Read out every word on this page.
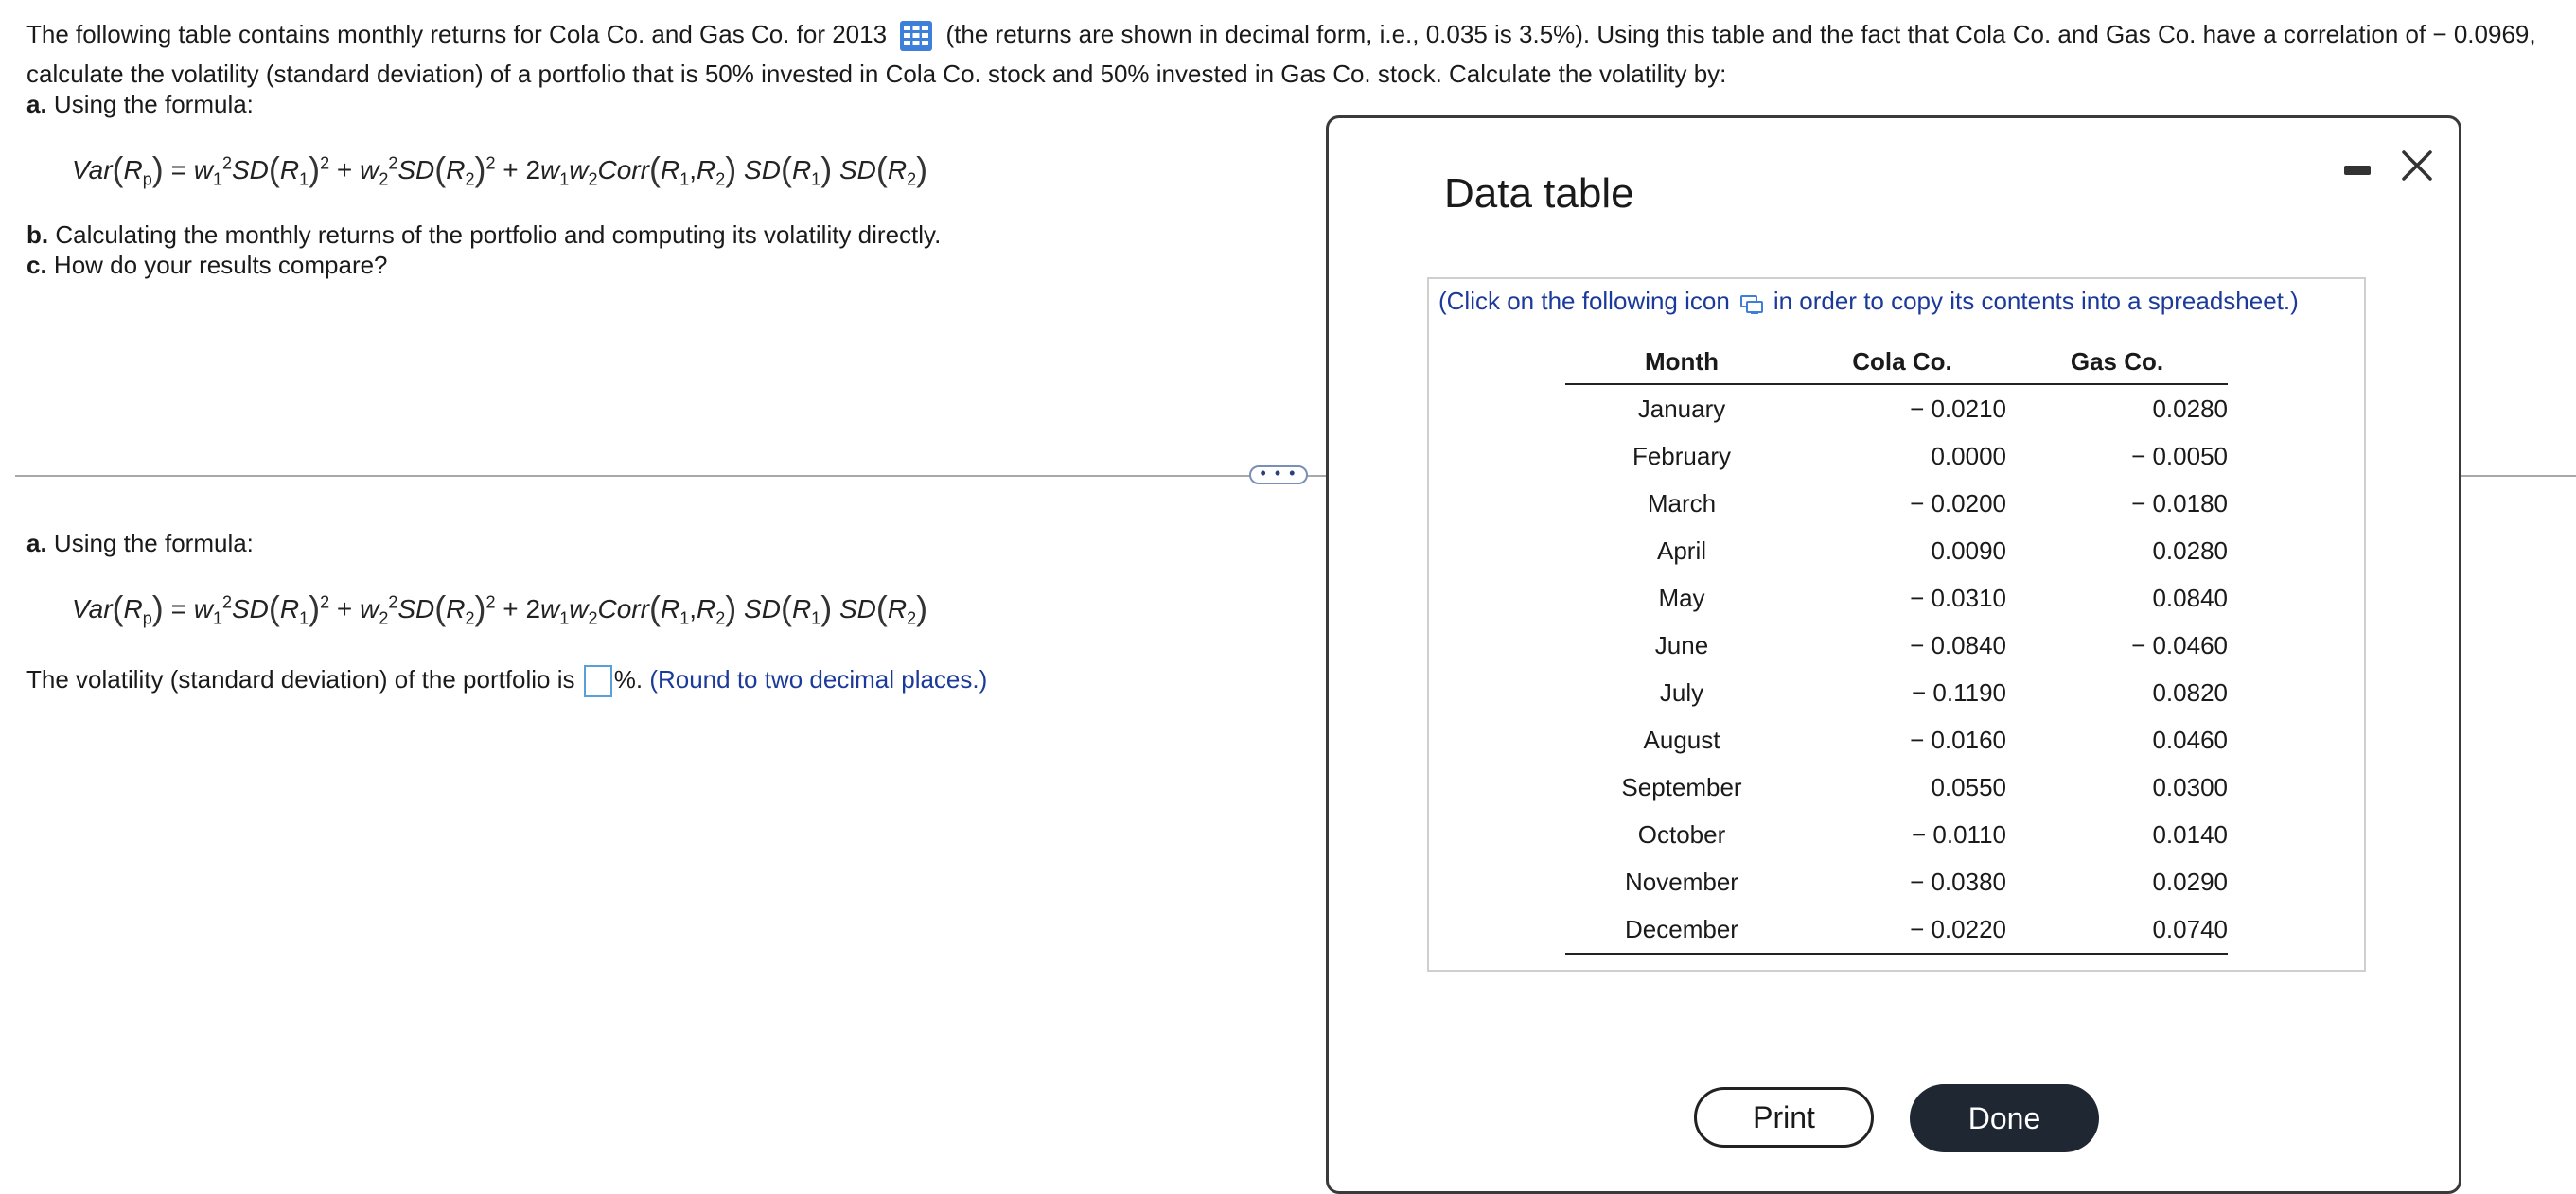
The following table contains monthly returns for Cola Co. and Gas Co. for 2013 (the returns are shown in decimal form, i.e., 0.035 is 3.5%). Using this table and the fact that Cola Co. and Gas Co. have a correlation of − 0.0969,
calculate the volatility (standard deviation) of a portfolio that is 50% invested in Cola Co. stock and 50% invested in Gas Co. stock. Calculate the volatility by:
a. Using the formula:
$Var(R_p) = w_1^2SD(R_1)^2 + w_2^2SD(R_2)^2$ + $2w_1w_2Corr(R_1,R_2)$ $SD(R_1)$ $SD(R_2)$
b. Calculating the monthly returns of the portfolio and computing its volatility directly.
c. How do your results compare?
• • •
a. Using the formula:
$Var(R_p) = w_1^2SD(R_1)^2 + w_2^2SD(R_2)^2$ + $2w_1w_2Corr(R_1,R_2)$ $SD(R_1)$ $SD(R_2)$
The volatility (standard deviation) of the portfolio is %. (Round to two decimal places.)
Data table
(Click on the following icon in order to copy its contents into a spreadsheet.)
Month	Cola Co.	Gas Co.
January	− 0.0210	0.0280
February	0.0000	− 0.0050
March	− 0.0200	− 0.0180
April	0.0090	0.0280
May	− 0.0310	0.0840
June	− 0.0840	− 0.0460
July	− 0.1190	0.0820
August	− 0.0160	0.0460
September	0.0550	0.0300
October	− 0.0110	0.0140
November	− 0.0380	0.0290
December	− 0.0220	0.0740
Print	Done
